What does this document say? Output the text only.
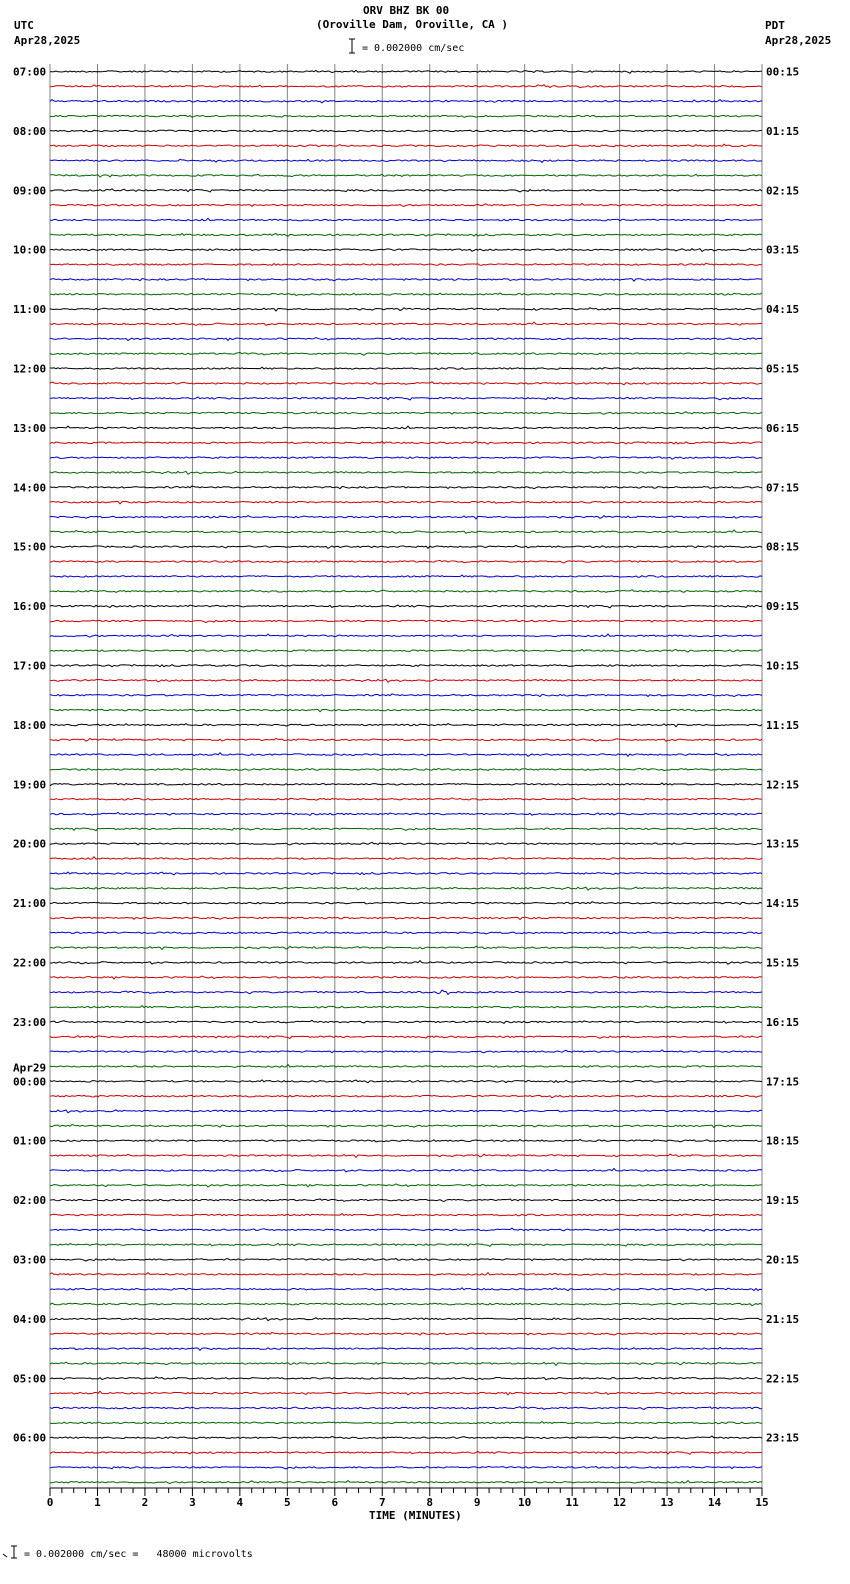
ORV BHZ BK 00
(Oroville Dam, Oroville, CA )
UTC
Apr28,2025
PDT
Apr28,2025
= 0.002000 cm/sec
TIME (MINUTES)
= 0.002000 cm/sec =   48000 microvolts
07:00
08:00
09:00
10:00
11:00
12:00
13:00
14:00
15:00
16:00
17:00
18:00
19:00
20:00
21:00
22:00
23:00
00:00
01:00
02:00
03:00
04:00
05:00
06:00
00:15
01:15
02:15
03:15
04:15
05:15
06:15
07:15
08:15
09:15
10:15
11:15
12:15
13:15
14:15
15:15
16:15
17:15
18:15
19:15
20:15
21:15
22:15
23:15
Apr29
0	1	2	3	4	5	6	7	8	9	10	11	12	13	14	15
